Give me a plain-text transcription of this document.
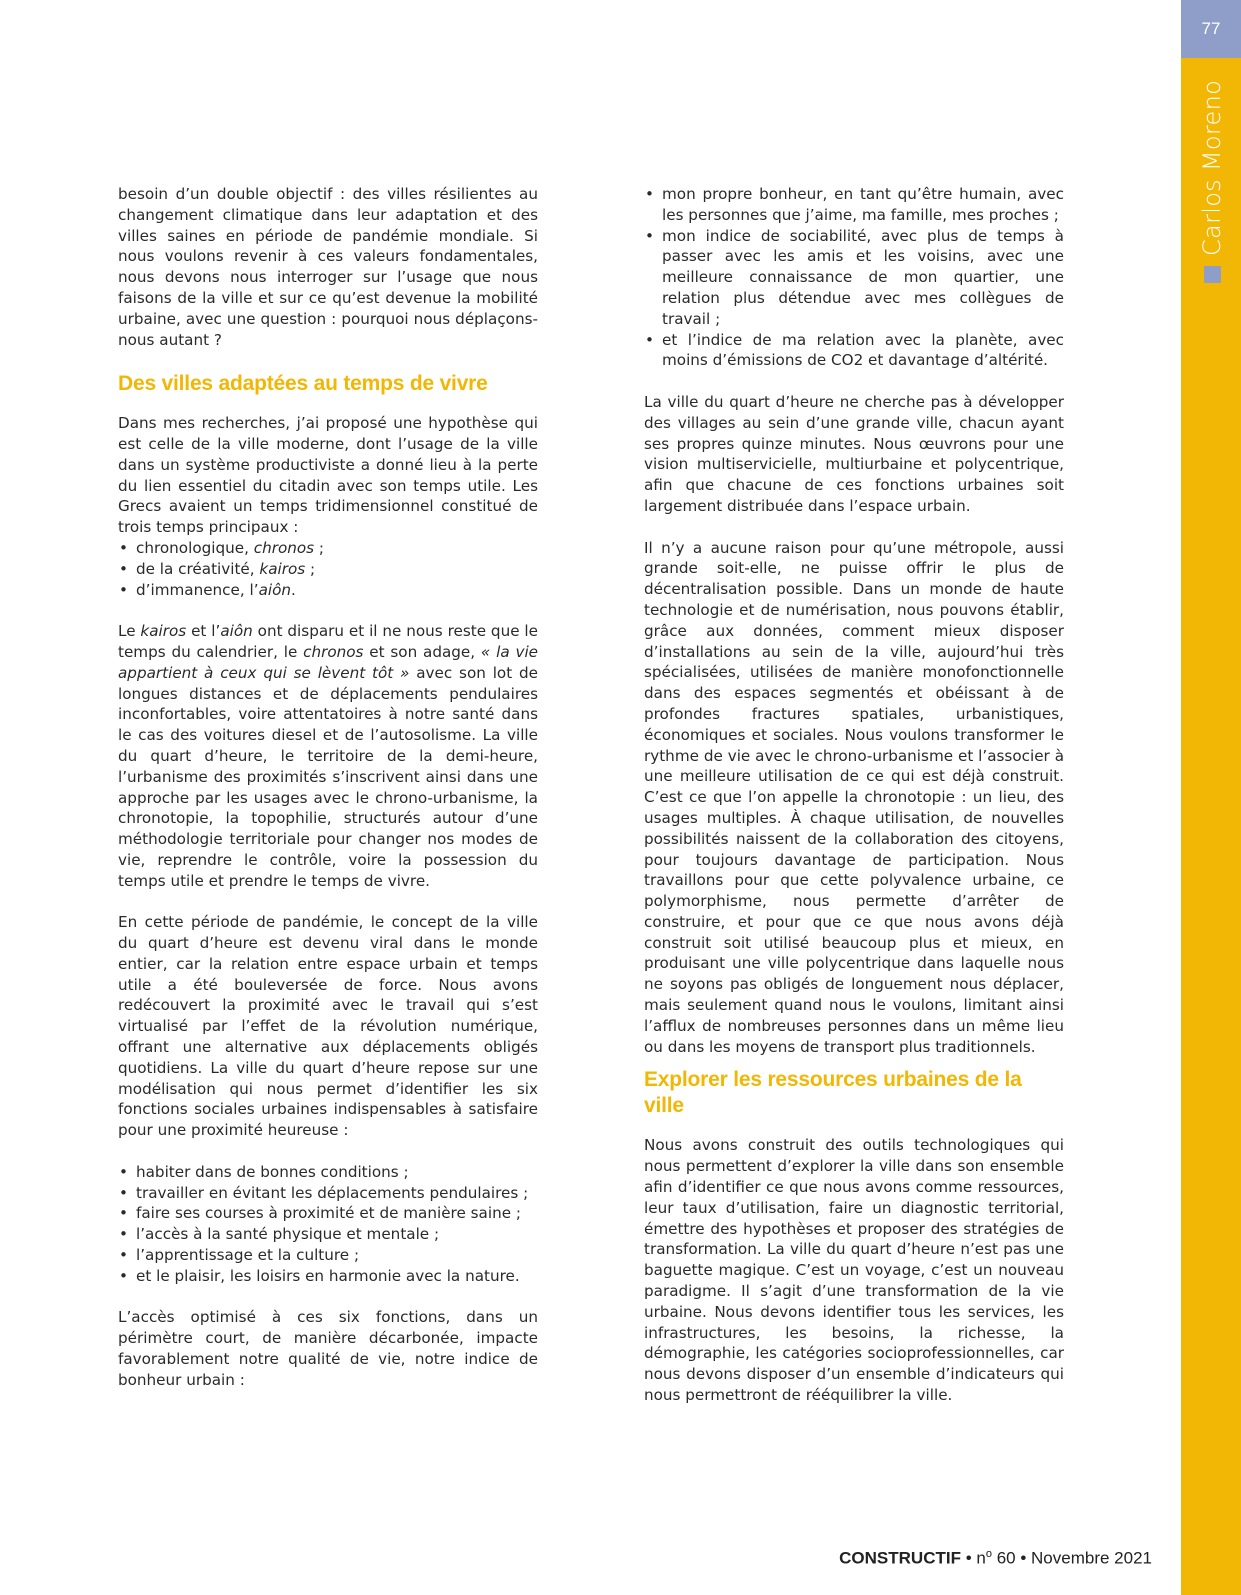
77
Carlos Moreno

besoin d’un double objectif : des villes résilientes au changement climatique dans leur adaptation et des villes saines en période de pandémie mondiale. Si nous voulons revenir à ces valeurs fondamentales, nous devons nous interroger sur l’usage que nous faisons de la ville et sur ce qu’est devenue la mobilité urbaine, avec une question : pourquoi nous déplaçons-nous autant ?

Des villes adaptées au temps de vivre

Dans mes recherches, j’ai proposé une hypothèse qui est celle de la ville moderne, dont l’usage de la ville dans un système productiviste a donné lieu à la perte du lien essentiel du citadin avec son temps utile. Les Grecs avaient un temps tridimensionnel constitué de trois temps principaux :

• chronologique, chronos ;
• de la créativité, kairos ;
• d’immanence, l’aiôn.

Le kairos et l’aiôn ont disparu et il ne nous reste que le temps du calendrier, le chronos et son adage, « la vie appartient à ceux qui se lèvent tôt » avec son lot de longues distances et de déplacements pendulaires inconfortables, voire attentatoires à notre santé dans le cas des voitures diesel et de l’autosolisme. La ville du quart d’heure, le territoire de la demi-heure, l’urbanisme des proximités s’inscrivent ainsi dans une approche par les usages avec le chrono-urbanisme, la chronotopie, la topophilie, structurés autour d’une méthodologie territoriale pour changer nos modes de vie, reprendre le contrôle, voire la possession du temps utile et prendre le temps de vivre.

En cette période de pandémie, le concept de la ville du quart d’heure est devenu viral dans le monde entier, car la relation entre espace urbain et temps utile a été bouleversée de force. Nous avons redécouvert la proximité avec le travail qui s’est virtualisé par l’effet de la révolution numérique, offrant une alternative aux déplacements obligés quotidiens. La ville du quart d’heure repose sur une modélisation qui nous permet d’identifier les six fonctions sociales urbaines indispensables à satisfaire pour une proximité heureuse :

• habiter dans de bonnes conditions ;
• travailler en évitant les déplacements pendulaires ;
• faire ses courses à proximité et de manière saine ;
• l’accès à la santé physique et mentale ;
• l’apprentissage et la culture ;
• et le plaisir, les loisirs en harmonie avec la nature.

L’accès optimisé à ces six fonctions, dans un périmètre court, de manière décarbonée, impacte favorablement notre qualité de vie, notre indice de bonheur urbain :

• mon propre bonheur, en tant qu’être humain, avec les personnes que j’aime, ma famille, mes proches ;
• mon indice de sociabilité, avec plus de temps à passer avec les amis et les voisins, avec une meilleure connaissance de mon quartier, une relation plus détendue avec mes collègues de travail ;
• et l’indice de ma relation avec la planète, avec moins d’émissions de CO2 et davantage d’altérité.

La ville du quart d’heure ne cherche pas à développer des villages au sein d’une grande ville, chacun ayant ses propres quinze minutes. Nous œuvrons pour une vision multiservicielle, multiurbaine et polycentrique, afin que chacune de ces fonctions urbaines soit largement distribuée dans l’espace urbain.

Il n’y a aucune raison pour qu’une métropole, aussi grande soit-elle, ne puisse offrir le plus de décentralisation possible. Dans un monde de haute technologie et de numérisation, nous pouvons établir, grâce aux données, comment mieux disposer d’installations au sein de la ville, aujourd’hui très spécialisées, utilisées de manière monofonctionnelle dans des espaces segmentés et obéissant à de profondes fractures spatiales, urbanistiques, économiques et sociales. Nous voulons transformer le rythme de vie avec le chrono-urbanisme et l’associer à une meilleure utilisation de ce qui est déjà construit. C’est ce que l’on appelle la chronotopie : un lieu, des usages multiples. À chaque utilisation, de nouvelles possibilités naissent de la collaboration des citoyens, pour toujours davantage de participation. Nous travaillons pour que cette polyvalence urbaine, ce polymorphisme, nous permette d’arrêter de construire, et pour que ce que nous avons déjà construit soit utilisé beaucoup plus et mieux, en produisant une ville polycentrique dans laquelle nous ne soyons pas obligés de longuement nous déplacer, mais seulement quand nous le voulons, limitant ainsi l’afflux de nombreuses personnes dans un même lieu ou dans les moyens de transport plus traditionnels.

Explorer les ressources urbaines de la ville

Nous avons construit des outils technologiques qui nous permettent d’explorer la ville dans son ensemble afin d’identifier ce que nous avons comme ressources, leur taux d’utilisation, faire un diagnostic territorial, émettre des hypothèses et proposer des stratégies de transformation. La ville du quart d’heure n’est pas une baguette magique. C’est un voyage, c’est un nouveau paradigme. Il s’agit d’une transformation de la vie urbaine. Nous devons identifier tous les services, les infrastructures, les besoins, la richesse, la démographie, les catégories socioprofessionnelles, car nous devons disposer d’un ensemble d’indicateurs qui nous permettront de rééquilibrer la ville.

CONSTRUCTIF • $n^o$ 60 • Novembre 2021
